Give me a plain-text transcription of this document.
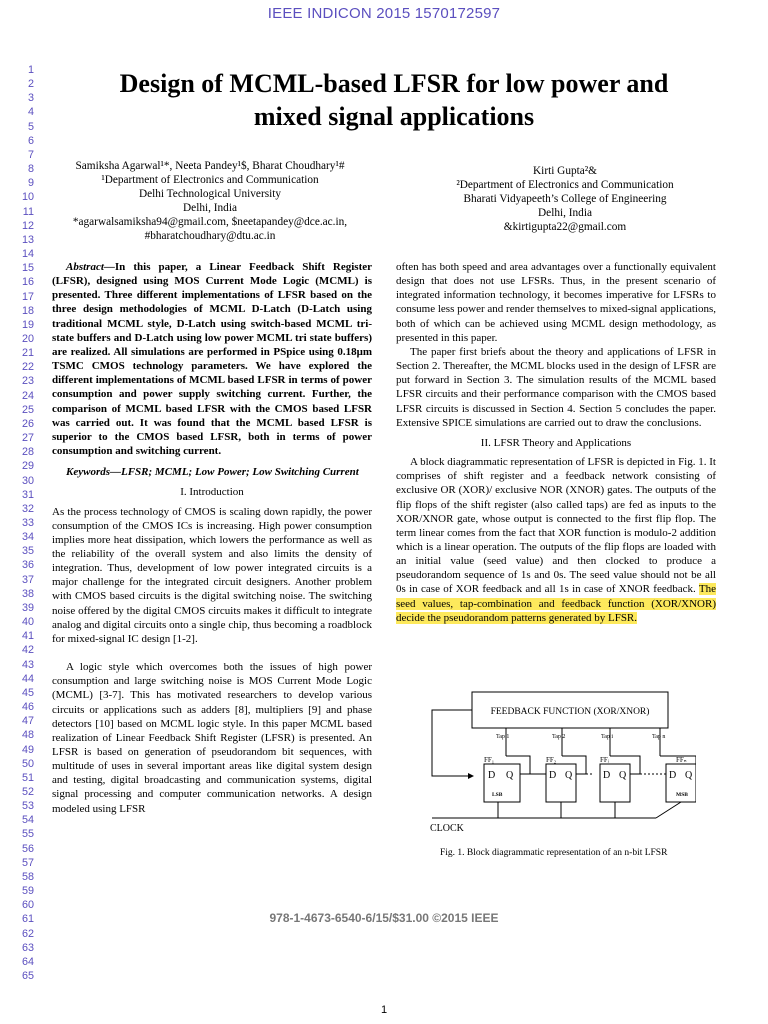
IEEE INDICON 2015 1570172597
1
2
3
4
5
6
7
8
9
10
11
12
13
14
15
16
17
18
19
20
21
22
23
24
25
26
27
28
29
30
31
32
33
34
35
36
37
38
39
40
41
42
43
44
45
46
47
48
49
50
51
52
53
54
55
56
57
58
59
60
61
62
63
64
65
Design of MCML-based LFSR for low power and
mixed signal applications
Samiksha Agarwal¹*, Neeta Pandey¹$, Bharat Choudhary¹#
¹Department of Electronics and Communication
Delhi Technological University
Delhi, India
*agarwalsamiksha94@gmail.com, $neetapandey@dce.ac.in,
#bharatchoudhary@dtu.ac.in
Kirti Gupta²&
²Department of Electronics and Communication
Bharati Vidyapeeth’s College of Engineering
Delhi, India
&kirtigupta22@gmail.com

Abstract—In this paper, a Linear Feedback Shift Register (LFSR), designed using MOS Current Mode Logic (MCML) is presented. Three different implementations of LFSR based on the three design methodologies of MCML D-Latch (D-Latch using traditional MCML style, D-Latch using switch-based MCML tri-state buffers and D-Latch using low power MCML tri state buffers) are realized. All simulations are performed in PSpice using 0.18μm TSMC CMOS technology parameters. We have explored the different implementations of MCML based LFSR in terms of power consumption and power supply switching current. Further, the comparison of MCML based LFSR with the CMOS based LFSR was carried out. It was found that the MCML based LFSR is superior to the CMOS based LFSR, both in terms of power consumption and switching current.

Keywords—LFSR; MCML; Low Power; Low Switching Current

I. Introduction

As the process technology of CMOS is scaling down rapidly, the power consumption of the CMOS ICs is increasing. High power consumption implies more heat dissipation, which lowers the performance as well as the reliability of the overall system and also limits the density of integration. Thus, development of low power integrated circuits is a major challenge for the integrated circuit designers. Another problem with CMOS based circuits is the digital switching noise. The switching noise offered by the digital CMOS circuits makes it difficult to integrate analog and digital circuits onto a single chip, thus becoming a roadblock for mixed-signal IC design [1-2].

A logic style which overcomes both the issues of high power consumption and large switching noise is MOS Current Mode Logic (MCML) [3-7]. This has motivated researchers to develop various circuits or applications such as adders [8], multipliers [9] and phase detectors [10] based on MCML logic style. In this paper MCML based realization of Linear Feedback Shift Register (LFSR) is presented. An LFSR is based on generation of pseudorandom bit sequences, with multitude of uses in several important areas like digital system design and testing, digital broadcasting and communication systems, digital signal processing and computer communication networks. A design modeled using LFSR

often has both speed and area advantages over a functionally equivalent design that does not use LFSRs. Thus, in the present scenario of integrated information technology, it becomes imperative for LFSRs to consume less power and render themselves to mixed-signal applications, both of which can be achieved using MCML design methodology, as presented in this paper.

The paper first briefs about the theory and applications of LFSR in Section 2. Thereafter, the MCML blocks used in the design of LFSR are put forward in Section 3. The simulation results of the MCML based LFSR circuits and their performance comparison with the CMOS based LFSR circuits is discussed in Section 4. Section 5 concludes the paper. Extensive SPICE simulations are carried out to draw the conclusions.

II. LFSR Theory and Applications

A block diagrammatic representation of LFSR is depicted in Fig. 1. It comprises of shift register and a feedback network consisting of exclusive OR (XOR)/ exclusive NOR (XNOR) gates. The outputs of the flip flops of the shift register (also called taps) are fed as inputs to the XOR/XNOR gate, whose output is connected to the first flip flop. The term linear comes from the fact that XOR function is modulo-2 addition which is a linear operation. The outputs of the flip flops are loaded with an initial value (seed value) and then clocked to produce a pseudorandom sequence of 1s and 0s. The seed value should not be all 0s in case of XOR feedback and all 1s in case of XNOR feedback. The seed values, tap-combination and feedback function (XOR/XNOR) decide the pseudorandom patterns generated by LFSR.

FEEDBACK FUNCTION (XOR/XNOR)
Tap 1	Tap 2	Tap i	Tap n
FF₁	FF₂	FFᵢ	FFₙ
D Q	D Q	D Q	D Q
LSB	MSB
CLOCK
Fig. 1. Block diagrammatic representation of an n-bit LFSR
978-1-4673-6540-6/15/$31.00 ©2015 IEEE
1
